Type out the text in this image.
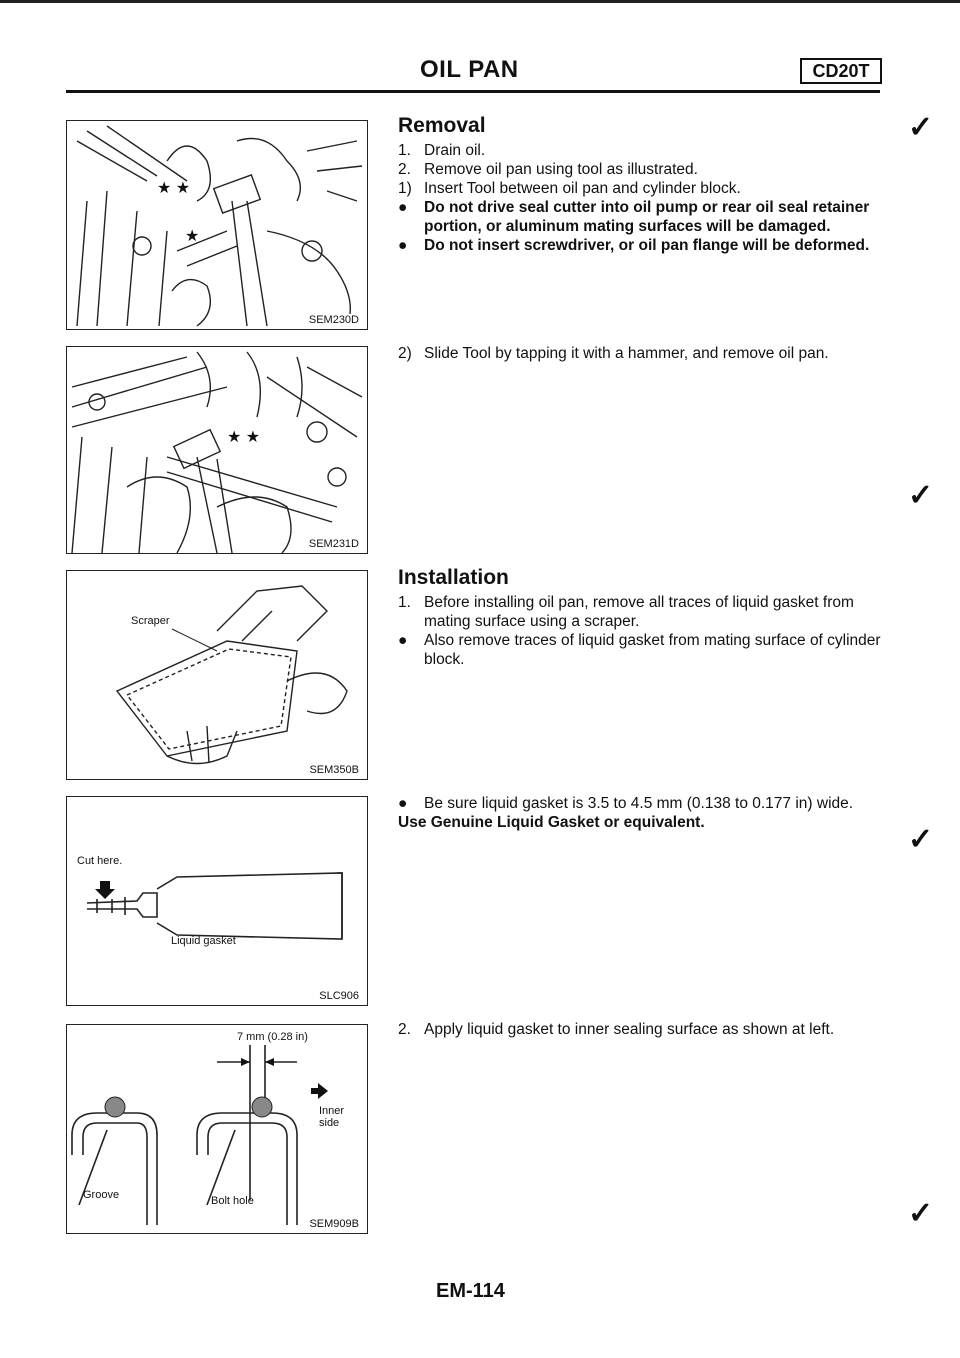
OIL PAN	CD20T
★ ★
★
SEM230D
★ ★
SEM231D
Scraper
SEM350B
Cut here.
Liquid gasket
SLC906
7 mm (0.28 in)
Inner side
Groove	Bolt hole
SEM909B

Removal

1. Drain oil.
2. Remove oil pan using tool as illustrated.
1) Insert Tool between oil pan and cylinder block.
●	Do not drive seal cutter into oil pump or rear oil seal retainer portion, or aluminum mating surfaces will be damaged.
●	Do not insert screwdriver, or oil pan flange will be deformed.
2) Slide Tool by tapping it with a hammer, and remove oil pan.

Installation

1. Before installing oil pan, remove all traces of liquid gasket from mating surface using a scraper.
●	Also remove traces of liquid gasket from mating surface of cylinder block.
●	Be sure liquid gasket is 3.5 to 4.5 mm (0.138 to 0.177 in) wide.

Use Genuine Liquid Gasket or equivalent.

2. Apply liquid gasket to inner sealing surface as shown at left.
✓
✓
✓
✓
EM-114
